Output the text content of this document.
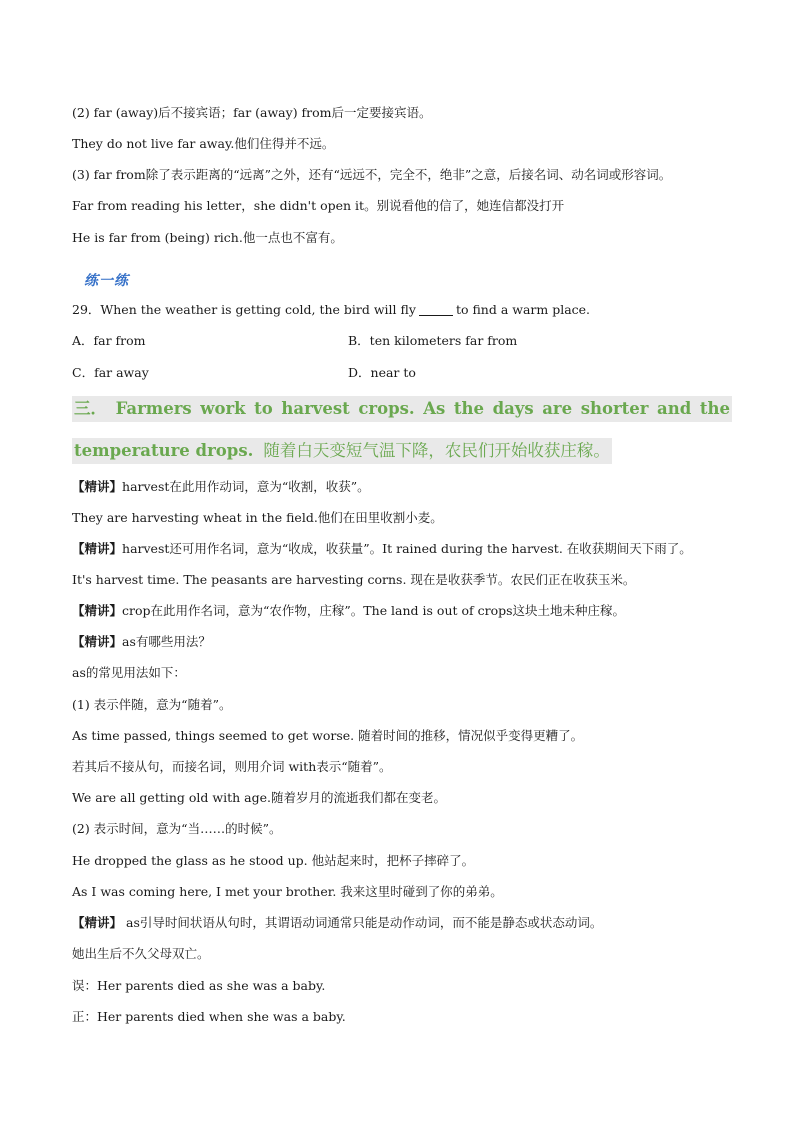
(2) far (away)后不接宾语；far (away) from后一定要接宾语。
They do not live far away.他们住得并不远。
(3) far from除了表示距离的“远离”之外，还有“远远不，完全不，绝非”之意，后接名词、动名词或形容词。
Far from reading his letter，she didn't open it。别说看他的信了，她连信都没打开
He is far from (being) rich.他一点也不富有。
练一练
29．When the weather is getting cold, the bird will fly	to find a warm place.
A．far from	B．ten kilometers far from
C．far away	D．near to
三． Farmers work to harvest crops. As the days are shorter and the
temperature drops. 随着白天变短气温下降，农民们开始收获庄稼。
【精讲】harvest在此用作动词，意为“收割，收获”。
They are harvesting wheat in the field.他们在田里收割小麦。
【精讲】harvest还可用作名词，意为“收成，收获量”。It rained during the harvest. 在收获期间天下雨了。
It's harvest time. The peasants are harvesting corns. 现在是收获季节。农民们正在收获玉米。
【精讲】crop在此用作名词，意为“农作物，庄稼”。The land is out of crops这块土地未种庄稼。
【精讲】as有哪些用法？
as的常见用法如下：
(1) 表示伴随，意为“随着”。
As time passed, things seemed to get worse. 随着时间的推移，情况似乎变得更糟了。
若其后不接从句，而接名词，则用介词 with表示“随着”。
We are all getting old with age.随着岁月的流逝我们都在变老。
(2) 表示时间，意为“当……的时候”。
He dropped the glass as he stood up. 他站起来时，把杯子摔碎了。
As I was coming here, I met your brother. 我来这里时碰到了你的弟弟。
【精讲】 as引导时间状语从句时，其谓语动词通常只能是动作动词，而不能是静态或状态动词。
她出生后不久父母双亡。
误：Her parents died as she was a baby.
正：Her parents died when she was a baby.
